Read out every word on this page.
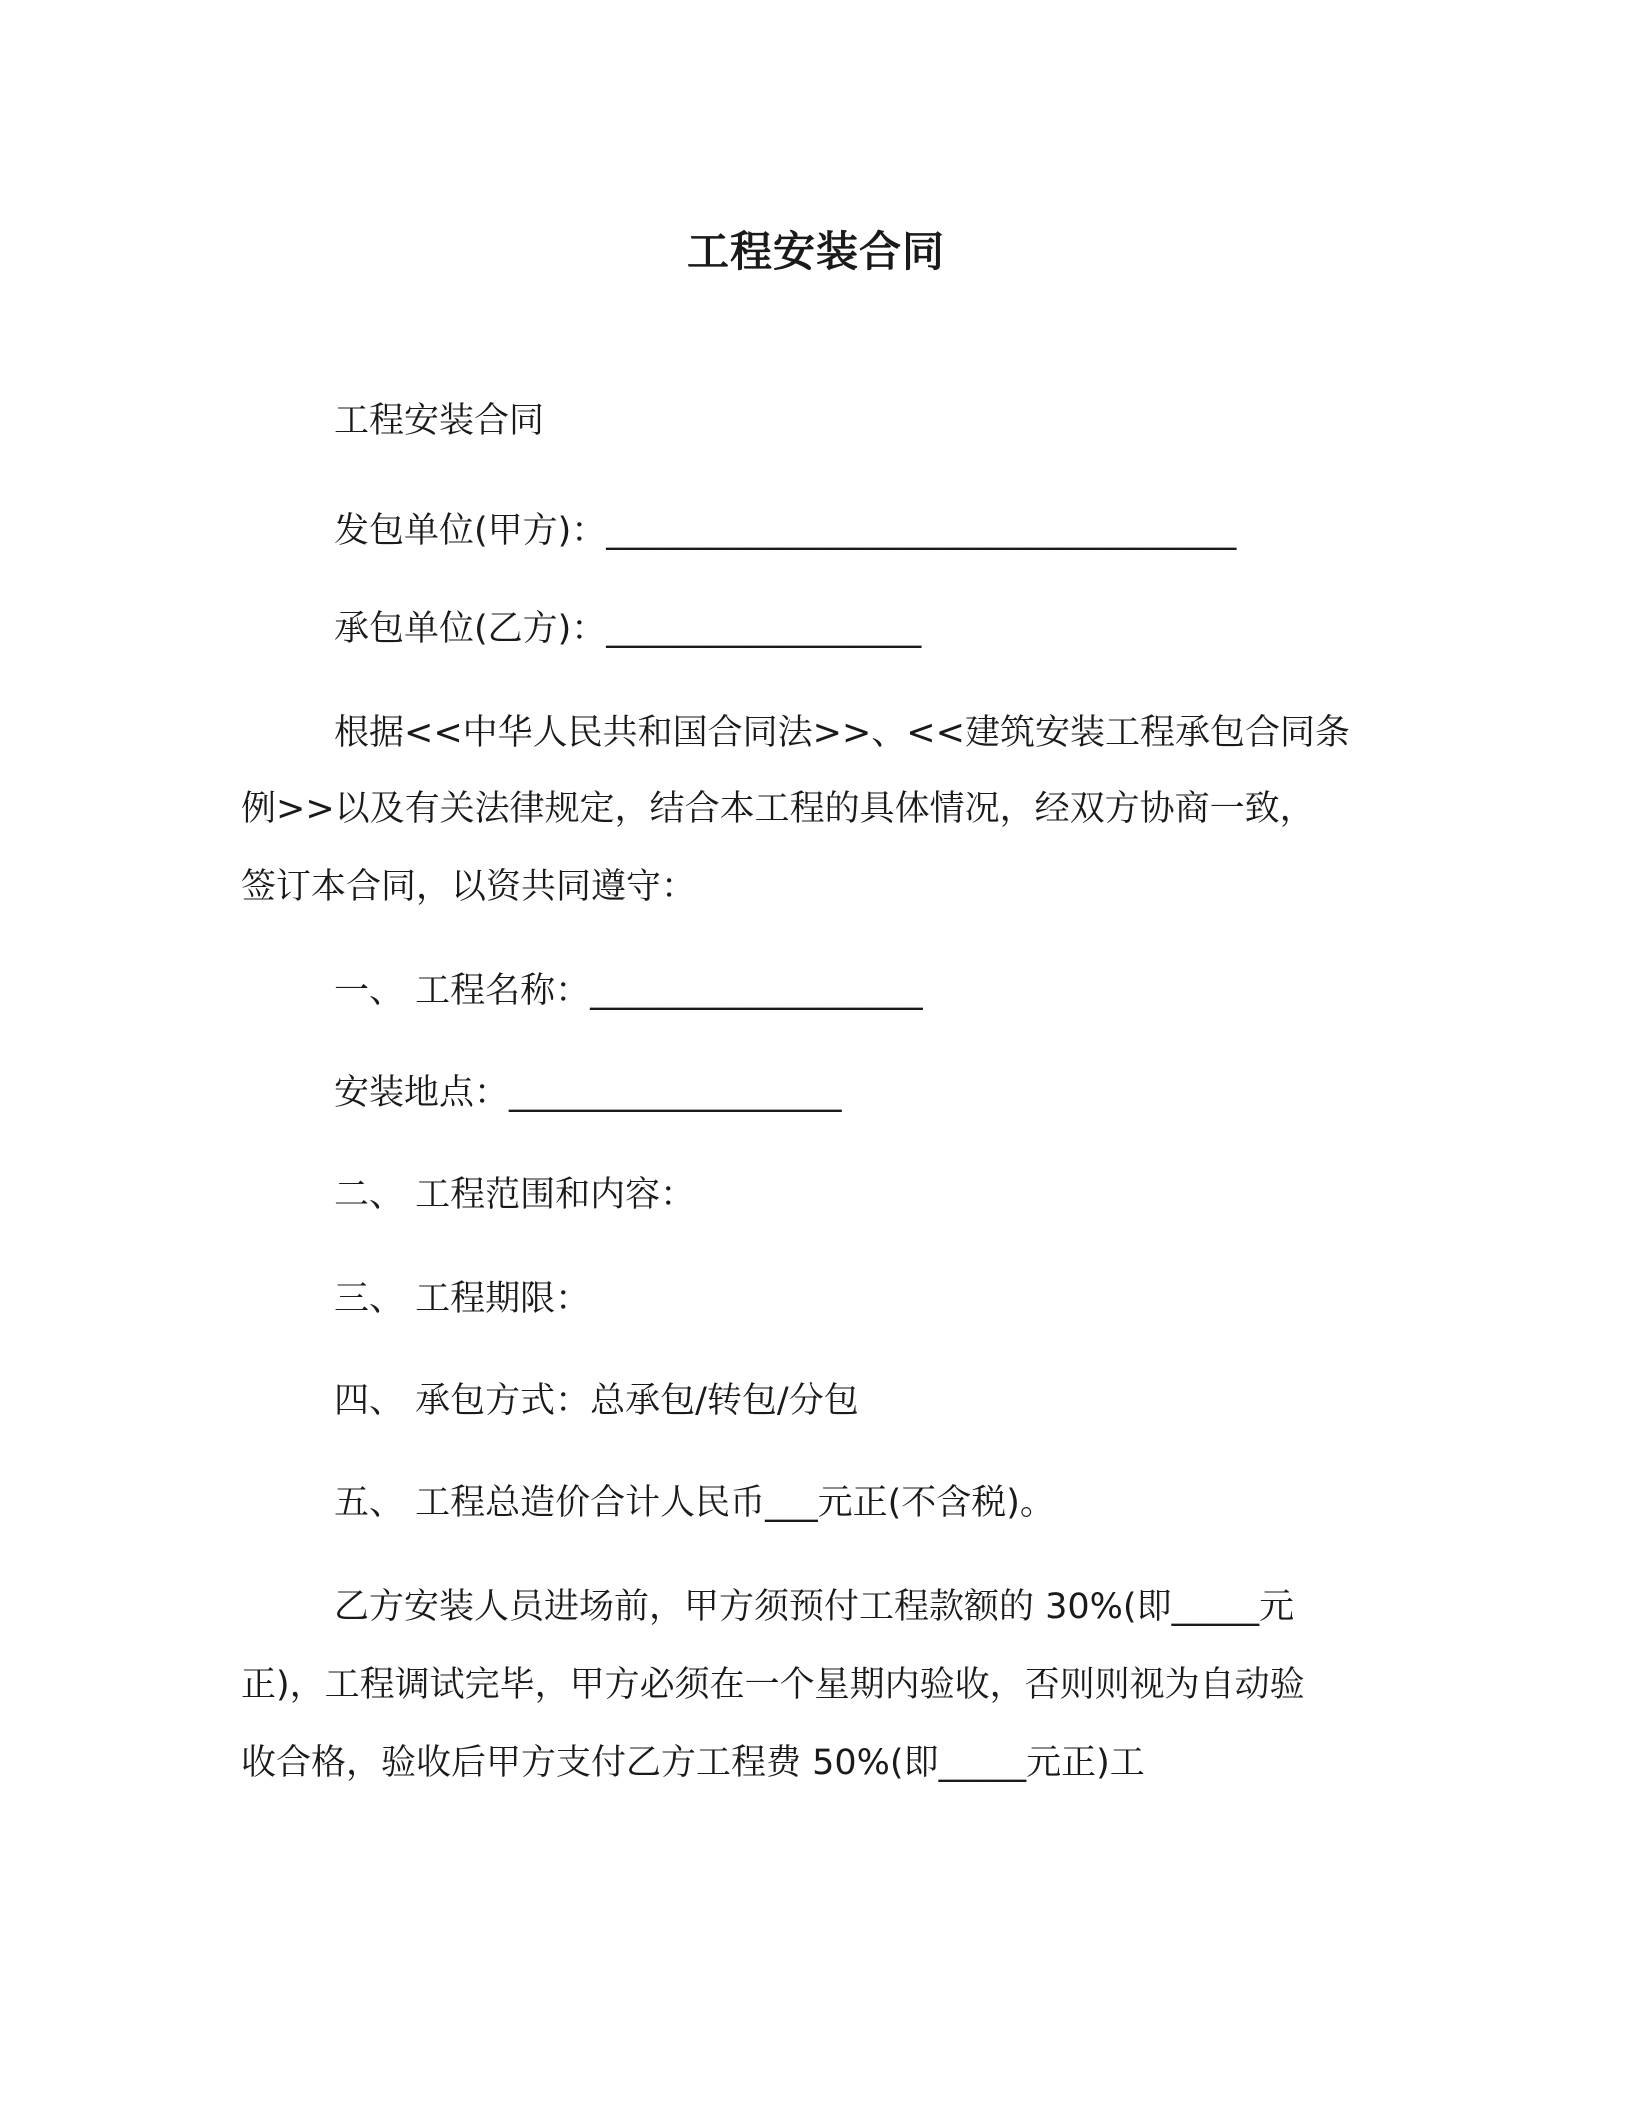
工程安装合同

工程安装合同

发包单位(甲方)：____________________________________

承包单位(乙方)：__________________

根据<<中华人民共和国合同法>>、<<建筑安装工程承包合同条

例>>以及有关法律规定，结合本工程的具体情况，经双方协商一致，

签订本合同，以资共同遵守：

一、 工程名称：___________________

安装地点：___________________

二、 工程范围和内容：

三、 工程期限：

四、 承包方式：总承包/转包/分包

五、 工程总造价合计人民币___元正(不含税)。

乙方安装人员进场前，甲方须预付工程款额的 30%(即_____元

正)，工程调试完毕，甲方必须在一个星期内验收，否则则视为自动验

收合格，验收后甲方支付乙方工程费 50%(即_____元正)工
